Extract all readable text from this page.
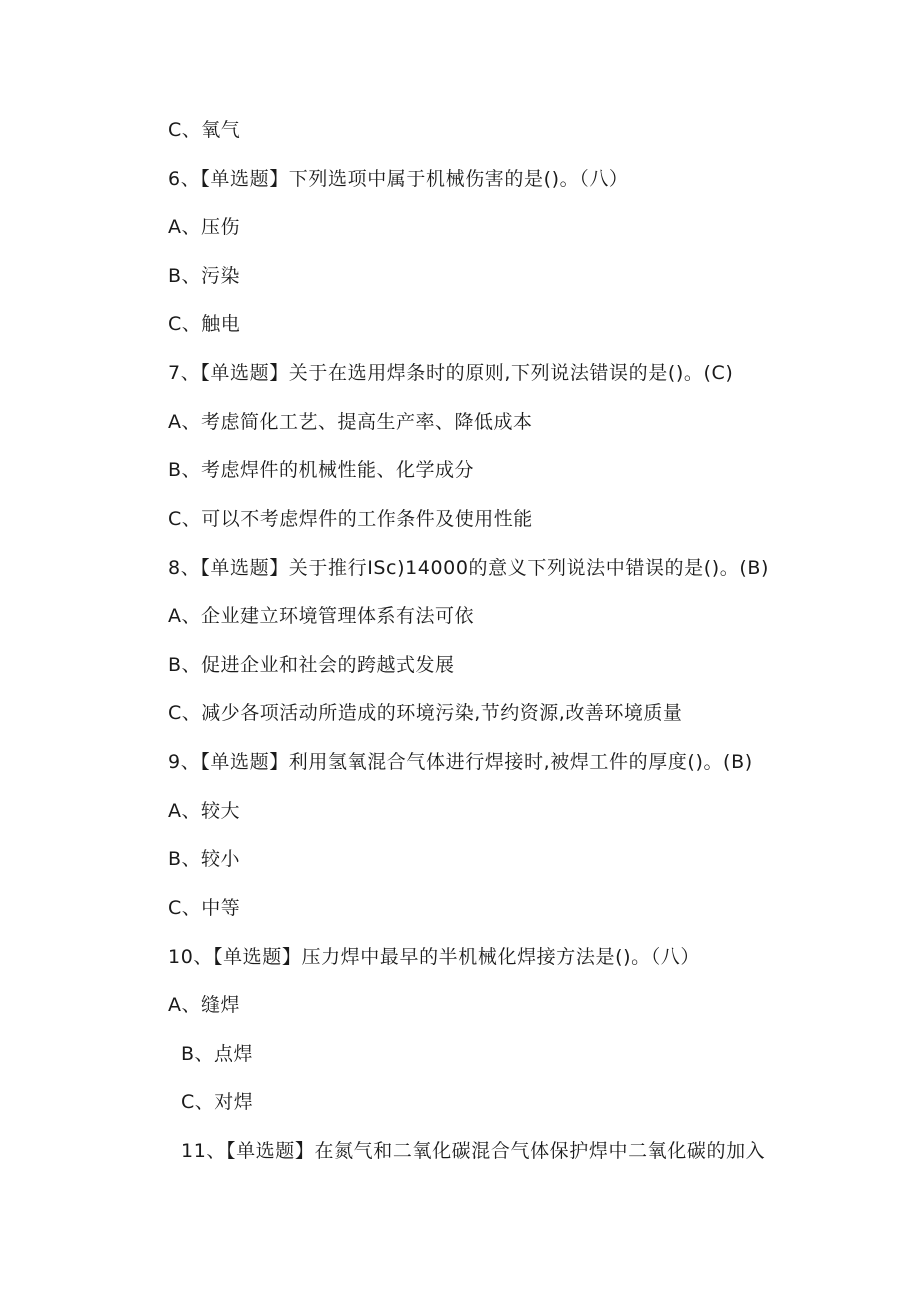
C、氧气
6、【单选题】下列选项中属于机械伤害的是()。（八）
A、压伤
B、污染
C、触电
7、【单选题】关于在选用焊条时的原则,下列说法错误的是()。(C)
A、考虑简化工艺、提高生产率、降低成本
B、考虑焊件的机械性能、化学成分
C、可以不考虑焊件的工作条件及使用性能
8、【单选题】关于推行ISc)14000的意义下列说法中错误的是()。(B)
A、企业建立环境管理体系有法可依
B、促进企业和社会的跨越式发展
C、减少各项活动所造成的环境污染,节约资源,改善环境质量
9、【单选题】利用氢氧混合气体进行焊接时,被焊工件的厚度()。(B)
A、较大
B、较小
C、中等
10、【单选题】压力焊中最早的半机械化焊接方法是()。（八）
A、缝焊
B、点焊
C、对焊
11、【单选题】在氮气和二氧化碳混合气体保护焊中二氧化碳的加入
